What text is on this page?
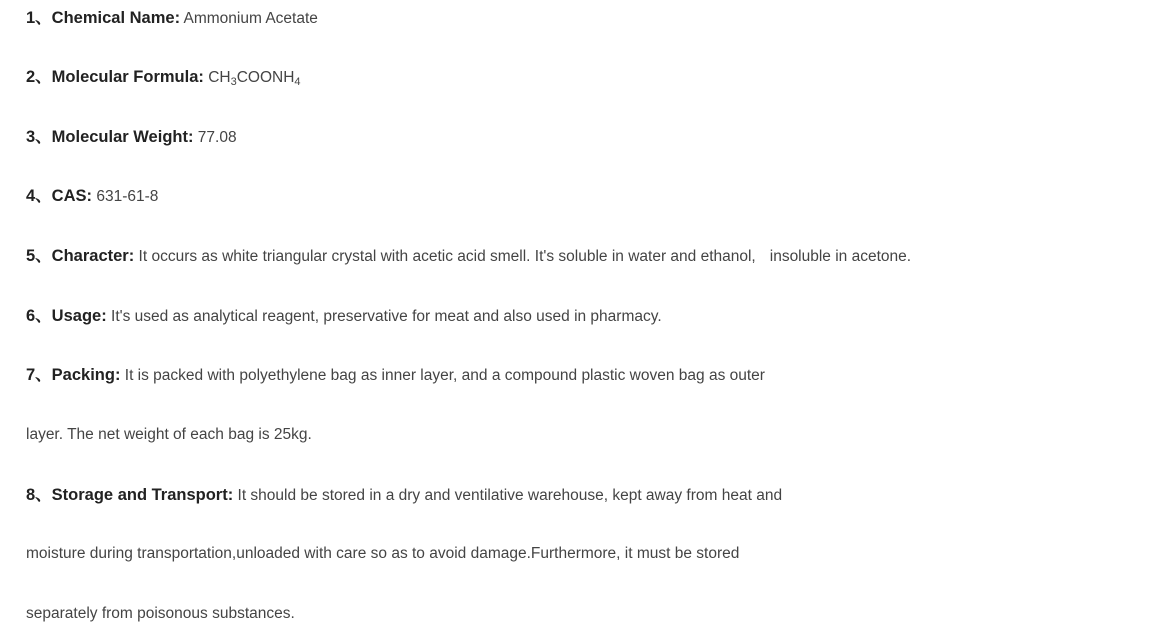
1、Chemical Name: Ammonium Acetate
2、Molecular Formula: $CH_3COONH_4$
3、Molecular Weight: 77.08
4、CAS: 631-61-8
5、Character: It occurs as white triangular crystal with acetic acid smell. It's soluble in water and ethanol, insoluble in acetone.
6、Usage: It's used as analytical reagent, preservative for meat and also used in pharmacy.
7、Packing: It is packed with polyethylene bag as inner layer, and a compound plastic woven bag as outer
layer. The net weight of each bag is 25kg.
8、Storage and Transport: It should be stored in a dry and ventilative warehouse, kept away from heat and
moisture during transportation,unloaded with care so as to avoid damage.Furthermore, it must be stored
separately from poisonous substances.
